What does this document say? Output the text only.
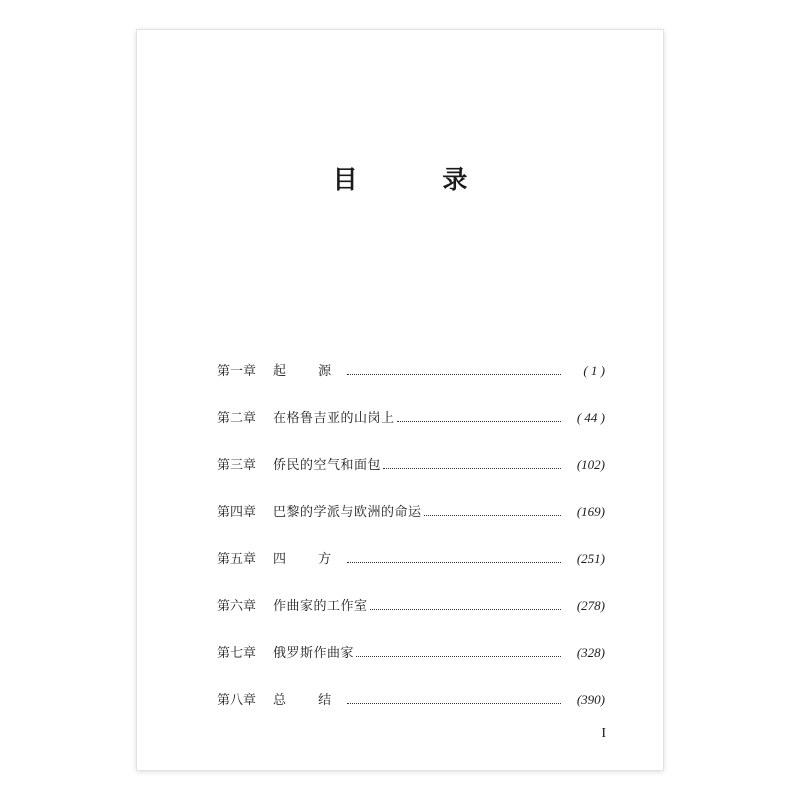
目 录
第一章	起 源	( 1 )
第二章	在格鲁吉亚的山岗上	( 44 )
第三章	侨民的空气和面包	(102)
第四章	巴黎的学派与欧洲的命运	(169)
第五章	四 方	(251)
第六章	作曲家的工作室	(278)
第七章	俄罗斯作曲家	(328)
第八章	总 结	(390)
I
